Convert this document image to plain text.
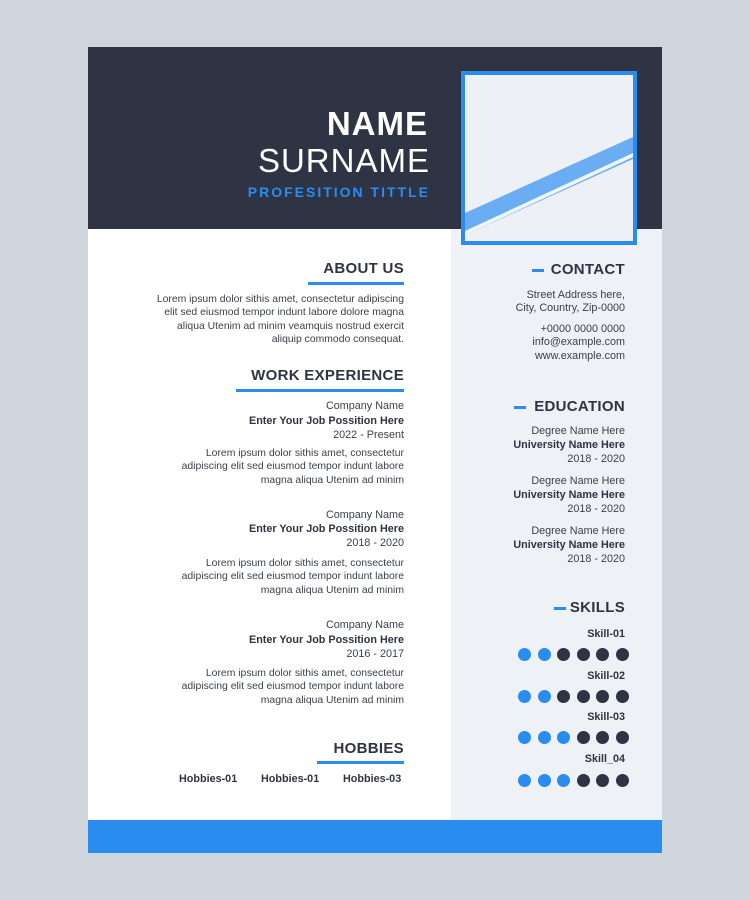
NAME
SURNAME
PROFESITION TITTLE
ABOUT US
Lorem ipsum dolor sithis amet, consectetur adipiscing
elit sed eiusmod tempor indunt labore dolore magna
aliqua Utenim ad minim veamquis nostrud exercit
aliquip commodo consequat.
WORK EXPERIENCE
Company Name
Enter Your Job Possition Here
2022 - Present
Lorem ipsum dolor sithis amet, consectetur
adipiscing elit sed eiusmod tempor indunt labore
magna aliqua Utenim ad minim
Company Name
Enter Your Job Possition Here
2018 - 2020
Lorem ipsum dolor sithis amet, consectetur
adipiscing elit sed eiusmod tempor indunt labore
magna aliqua Utenim ad minim
Company Name
Enter Your Job Possition Here
2016 - 2017
Lorem ipsum dolor sithis amet, consectetur
adipiscing elit sed eiusmod tempor indunt labore
magna aliqua Utenim ad minim
HOBBIES
Hobbies-01 Hobbies-01 Hobbies-03
CONTACT
Street Address here,
City, Country, Zip-0000
+0000 0000 0000
info@example.com
www.example.com
EDUCATION
Degree Name Here
University Name Here
2018 - 2020
Degree Name Here
University Name Here
2018 - 2020
Degree Name Here
University Name Here
2018 - 2020
SKILLS
Skill-01
Skill-02
Skill-03
Skill_04
